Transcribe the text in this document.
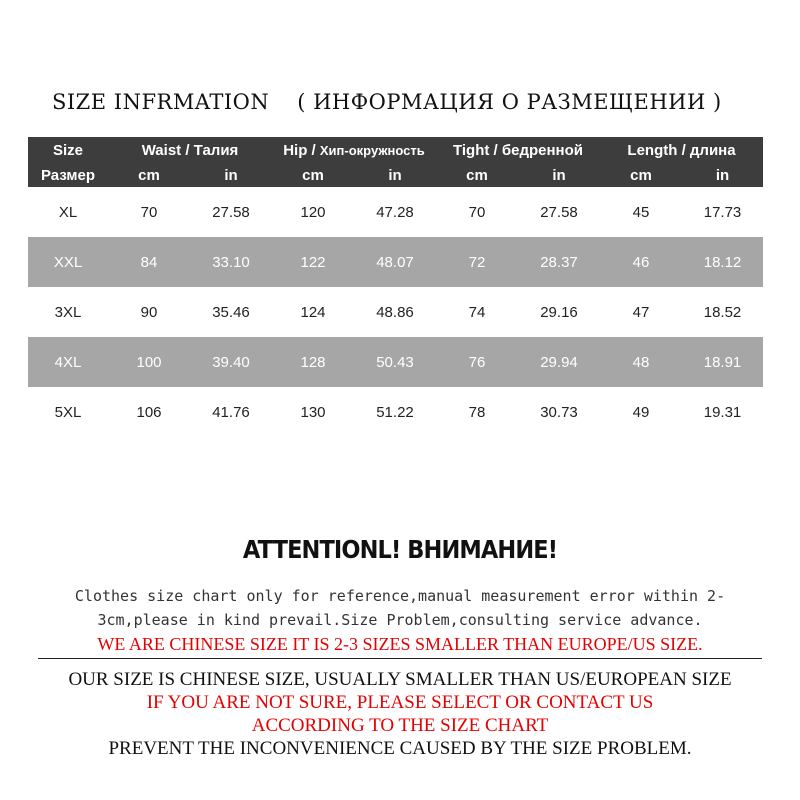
SIZE INFRMATION ( ИНФОРМАЦИЯ О РАЗМЕЩЕНИИ )
Size	Waist / Талия		Hip / Хип-окружность		Tight / бедренной		Length / длина	
Размер	cm	in	cm	in	cm	in	cm	in
XL	70	27.58	120	47.28	70	27.58	45	17.73
XXL	84	33.10	122	48.07	72	28.37	46	18.12
3XL	90	35.46	124	48.86	74	29.16	47	18.52
4XL	100	39.40	128	50.43	76	29.94	48	18.91
5XL	106	41.76	130	51.22	78	30.73	49	19.31
ATTENTIONL! ВНИМАНИЕ!
Clothes size chart only for reference,manual measurement error within 2-
3cm,please in kind prevail.Size Problem,consulting service advance.
WE ARE CHINESE SIZE IT IS 2-3 SIZES SMALLER THAN EUROPE/US SIZE.
OUR SIZE IS CHINESE SIZE, USUALLY SMALLER THAN US/EUROPEAN SIZE
IF YOU ARE NOT SURE, PLEASE SELECT OR CONTACT US
ACCORDING TO THE SIZE CHART
PREVENT THE INCONVENIENCE CAUSED BY THE SIZE PROBLEM.
